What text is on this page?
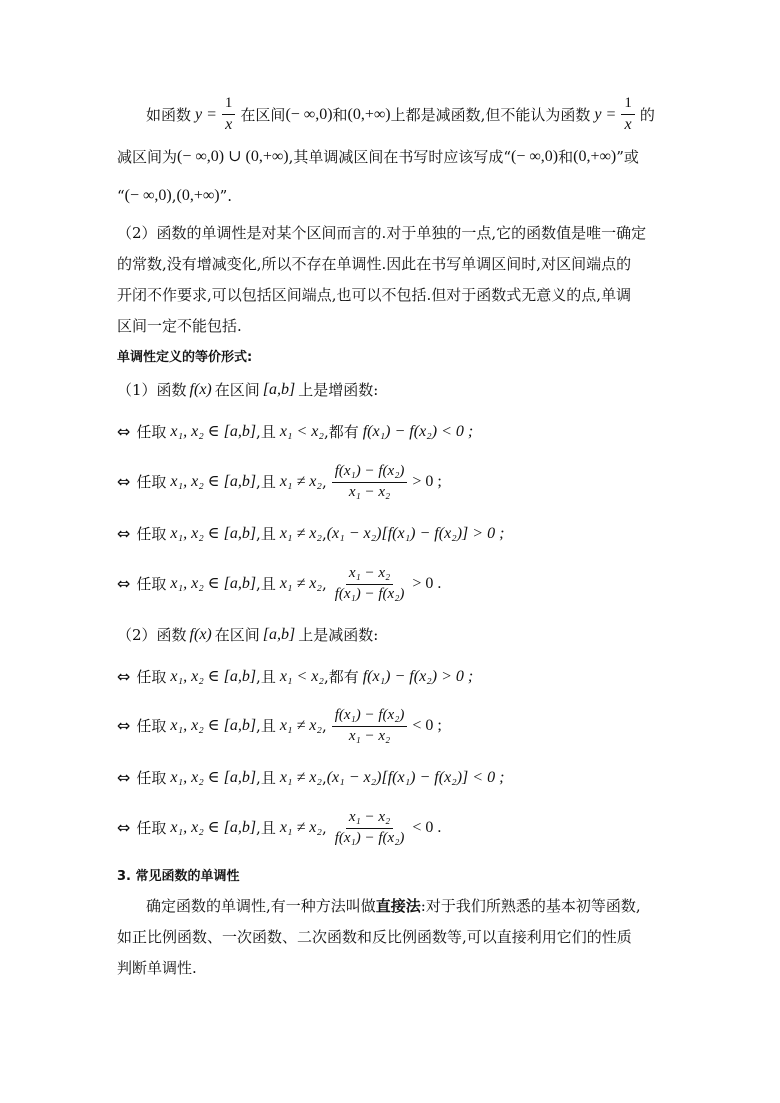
如函数 $y = \frac{1}{x}$ 在区间 (− ∞,0) 和 (0,+∞) 上都是减函数,但不能认为函数 $y = \frac{1}{x}$ 的
减区间为 (− ∞,0) ∪ (0,+∞) ,其单调减区间在书写时应该写成“ (− ∞,0) 和 (0,+∞) ”或
“ (− ∞,0) , (0,+∞) ”.
（2）函数的单调性是对某个区间而言的.对于单独的一点,它的函数值是唯一确定
的常数,没有增减变化,所以不存在单调性.因此在书写单调区间时,对区间端点的
开闭不作要求,可以包括区间端点,也可以不包括.但对于函数式无意义的点,单调
区间一定不能包括.
单调性定义的等价形式:
（1）函数 f(x) 在区间 [a,b] 上是增函数:
⇔ 任取 x₁, x₂ ∈ [a,b] ,且 x₁ < x₂ ,都有 f(x₁) − f(x₂) < 0 ;
⇔ 任取 x₁, x₂ ∈ [a,b] ,且 x₁ ≠ x₂ , $\frac{\text{f(x₁) − f(x₂)}}{\text{x₁ − x₂}} > 0$ ;
⇔ 任取 x₁, x₂ ∈ [a,b] ,且 x₁ ≠ x₂ , (x₁ − x₂)[f(x₁) − f(x₂)] > 0 ;
⇔ 任取 x₁, x₂ ∈ [a,b] ,且 x₁ ≠ x₂ , $\frac{\text{x₁ − x₂}}{\text{f(x₁) − f(x₂)}} > 0$ .
（2）函数 f(x) 在区间 [a,b] 上是减函数:
⇔ 任取 x₁, x₂ ∈ [a,b] ,且 x₁ < x₂ ,都有 f(x₁) − f(x₂) > 0 ;
⇔ 任取 x₁, x₂ ∈ [a,b] ,且 x₁ ≠ x₂ , $\frac{\text{f(x₁) − f(x₂)}}{\text{x₁ − x₂}} < 0$ ;
⇔ 任取 x₁, x₂ ∈ [a,b] ,且 x₁ ≠ x₂ , (x₁ − x₂)[f(x₁) − f(x₂)] < 0 ;
⇔ 任取 x₁, x₂ ∈ [a,b] ,且 x₁ ≠ x₂ , $\frac{\text{x₁ − x₂}}{\text{f(x₁) − f(x₂)}} < 0$ .
3. 常见函数的单调性
确定函数的单调性,有一种方法叫做 直接法 :对于我们所熟悉的基本初等函数,
如正比例函数、一次函数、二次函数和反比例函数等,可以直接利用它们的性质
判断单调性.
